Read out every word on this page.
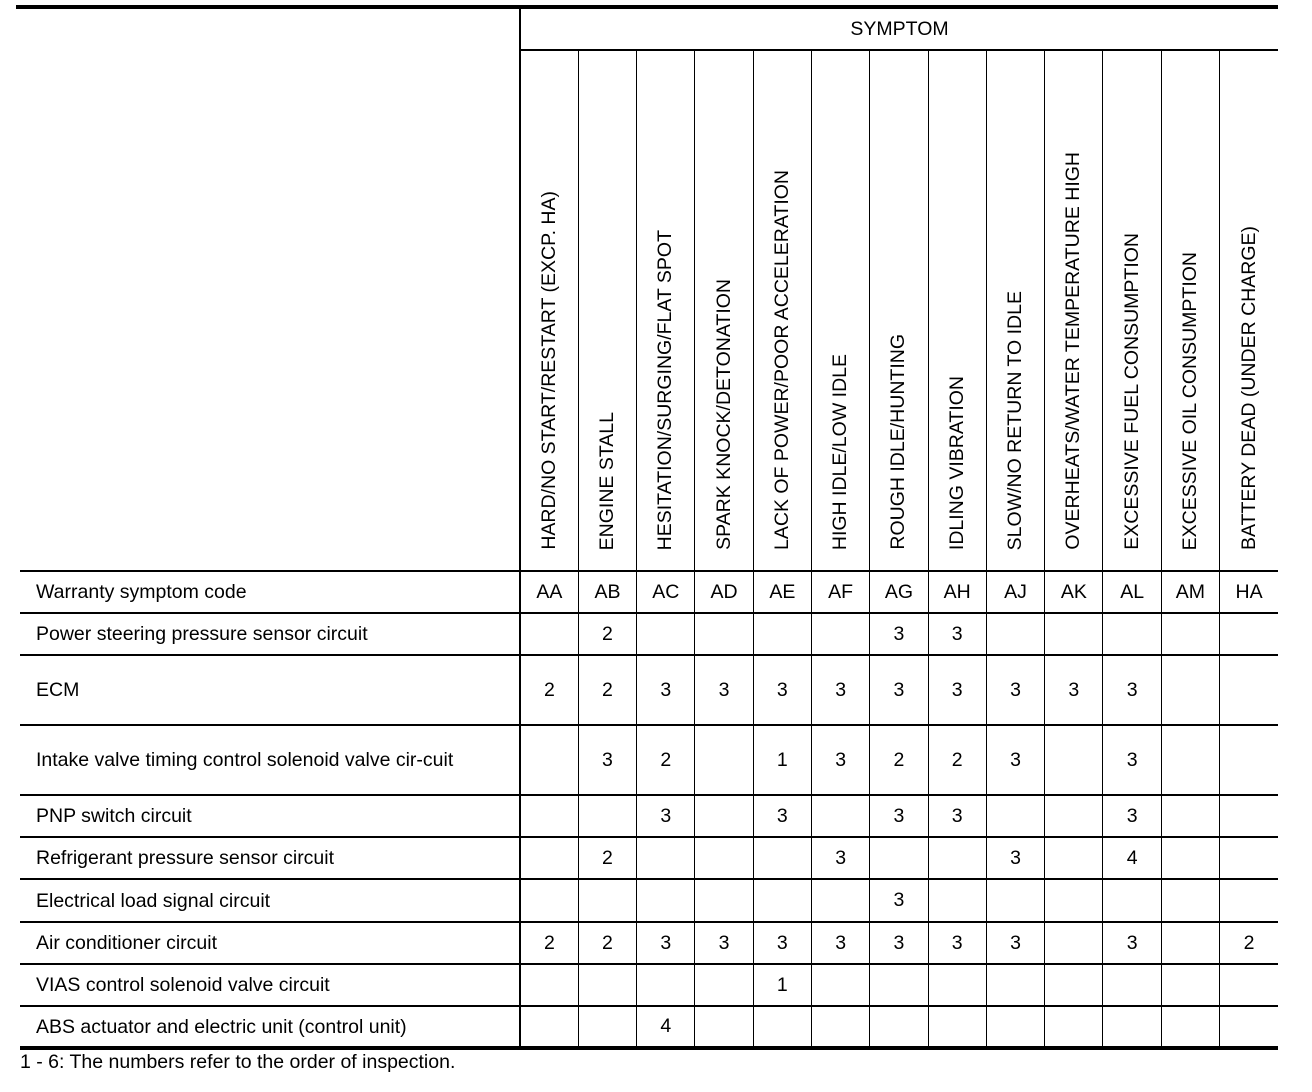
	SYMPTOM												
	HARD/NO START/RESTART (EXCP. HA)	ENGINE STALL	HESITATION/SURGING/FLAT SPOT	SPARK KNOCK/DETONATION	LACK OF POWER/POOR ACCELERATION	HIGH IDLE/LOW IDLE	ROUGH IDLE/HUNTING	IDLING VIBRATION	SLOW/NO RETURN TO IDLE	OVERHEATS/WATER TEMPERATURE HIGH	EXCESSIVE FUEL CONSUMPTION	EXCESSIVE OIL CONSUMPTION	BATTERY DEAD (UNDER CHARGE)
Warranty symptom code	AA	AB	AC	AD	AE	AF	AG	AH	AJ	AK	AL	AM	HA
Power steering pressure sensor circuit		2					3	3					
ECM	2	2	3	3	3	3	3	3	3	3	3		
Intake valve timing control solenoid valve cir-cuit		3	2		1	3	2	2	3		3		
PNP switch circuit			3		3		3	3			3		
Refrigerant pressure sensor circuit		2				3			3		4		
Electrical load signal circuit							3						
Air conditioner circuit	2	2	3	3	3	3	3	3	3		3		2
VIAS control solenoid valve circuit					1								
ABS actuator and electric unit (control unit)			4										
1 - 6: The numbers refer to the order of inspection.
